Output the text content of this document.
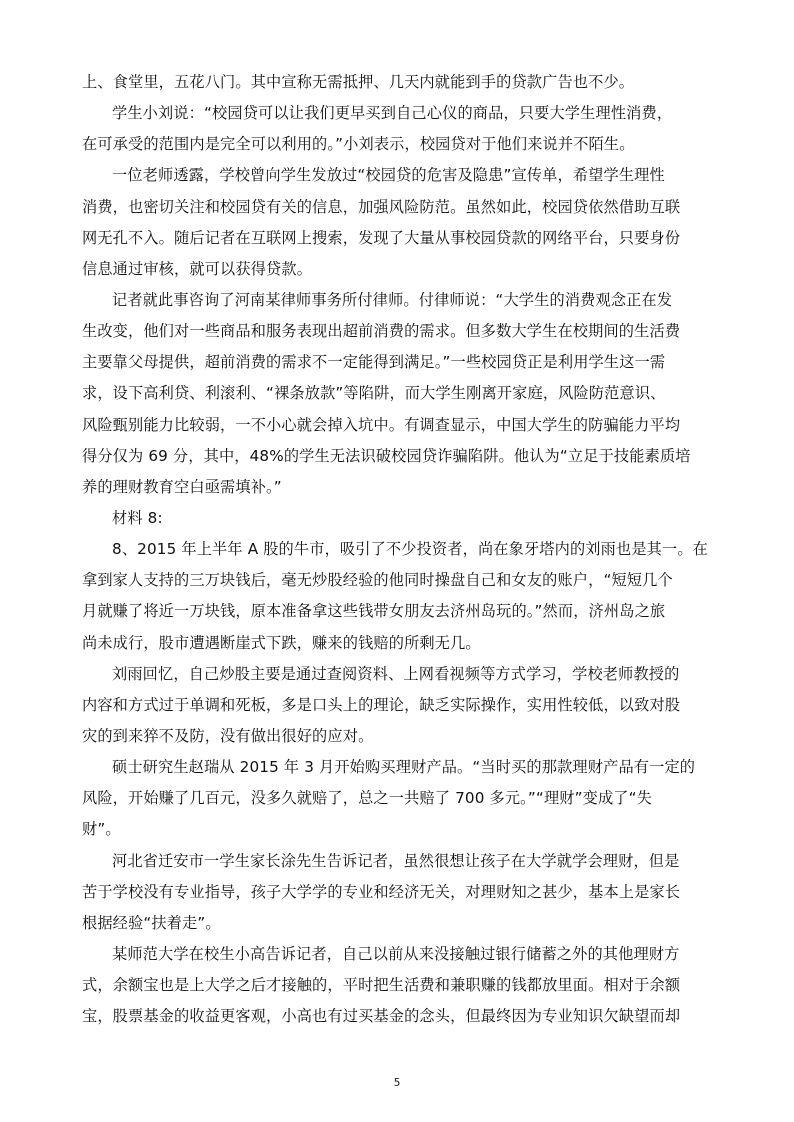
上、食堂里，五花八门。其中宣称无需抵押、几天内就能到手的贷款广告也不少。
学生小刘说：“校园贷可以让我们更早买到自己心仪的商品，只要大学生理性消费，
在可承受的范围内是完全可以利用的。”小刘表示，校园贷对于他们来说并不陌生。
一位老师透露，学校曾向学生发放过“校园贷的危害及隐患”宣传单，希望学生理性
消费，也密切关注和校园贷有关的信息，加强风险防范。虽然如此，校园贷依然借助互联
网无孔不入。随后记者在互联网上搜索，发现了大量从事校园贷款的网络平台，只要身份
信息通过审核，就可以获得贷款。
记者就此事咨询了河南某律师事务所付律师。付律师说：“大学生的消费观念正在发
生改变，他们对一些商品和服务表现出超前消费的需求。但多数大学生在校期间的生活费
主要靠父母提供，超前消费的需求不一定能得到满足。”一些校园贷正是利用学生这一需
求，设下高利贷、利滚利、“裸条放款”等陷阱，而大学生刚离开家庭，风险防范意识、
风险甄别能力比较弱，一不小心就会掉入坑中。有调查显示，中国大学生的防骗能力平均
得分仅为 69 分，其中，48%的学生无法识破校园贷诈骗陷阱。他认为“立足于技能素质培
养的理财教育空白亟需填补。”
材料 8:
8、2015 年上半年 A 股的牛市，吸引了不少投资者，尚在象牙塔内的刘雨也是其一。在
拿到家人支持的三万块钱后，毫无炒股经验的他同时操盘自己和女友的账户，“短短几个
月就赚了将近一万块钱，原本准备拿这些钱带女朋友去济州岛玩的。”然而，济州岛之旅
尚未成行，股市遭遇断崖式下跌，赚来的钱赔的所剩无几。
刘雨回忆，自己炒股主要是通过查阅资料、上网看视频等方式学习，学校老师教授的
内容和方式过于单调和死板，多是口头上的理论，缺乏实际操作，实用性较低，以致对股
灾的到来猝不及防，没有做出很好的应对。
硕士研究生赵瑞从 2015 年 3 月开始购买理财产品。“当时买的那款理财产品有一定的
风险，开始赚了几百元，没多久就赔了，总之一共赔了 700 多元。”“理财”变成了“失
财”。
河北省迁安市一学生家长涂先生告诉记者，虽然很想让孩子在大学就学会理财，但是
苦于学校没有专业指导，孩子大学学的专业和经济无关，对理财知之甚少，基本上是家长
根据经验“扶着走”。
某师范大学在校生小高告诉记者，自己以前从来没接触过银行储蓄之外的其他理财方
式，余额宝也是上大学之后才接触的，平时把生活费和兼职赚的钱都放里面。相对于余额
宝，股票基金的收益更客观，小高也有过买基金的念头，但最终因为专业知识欠缺望而却
5
